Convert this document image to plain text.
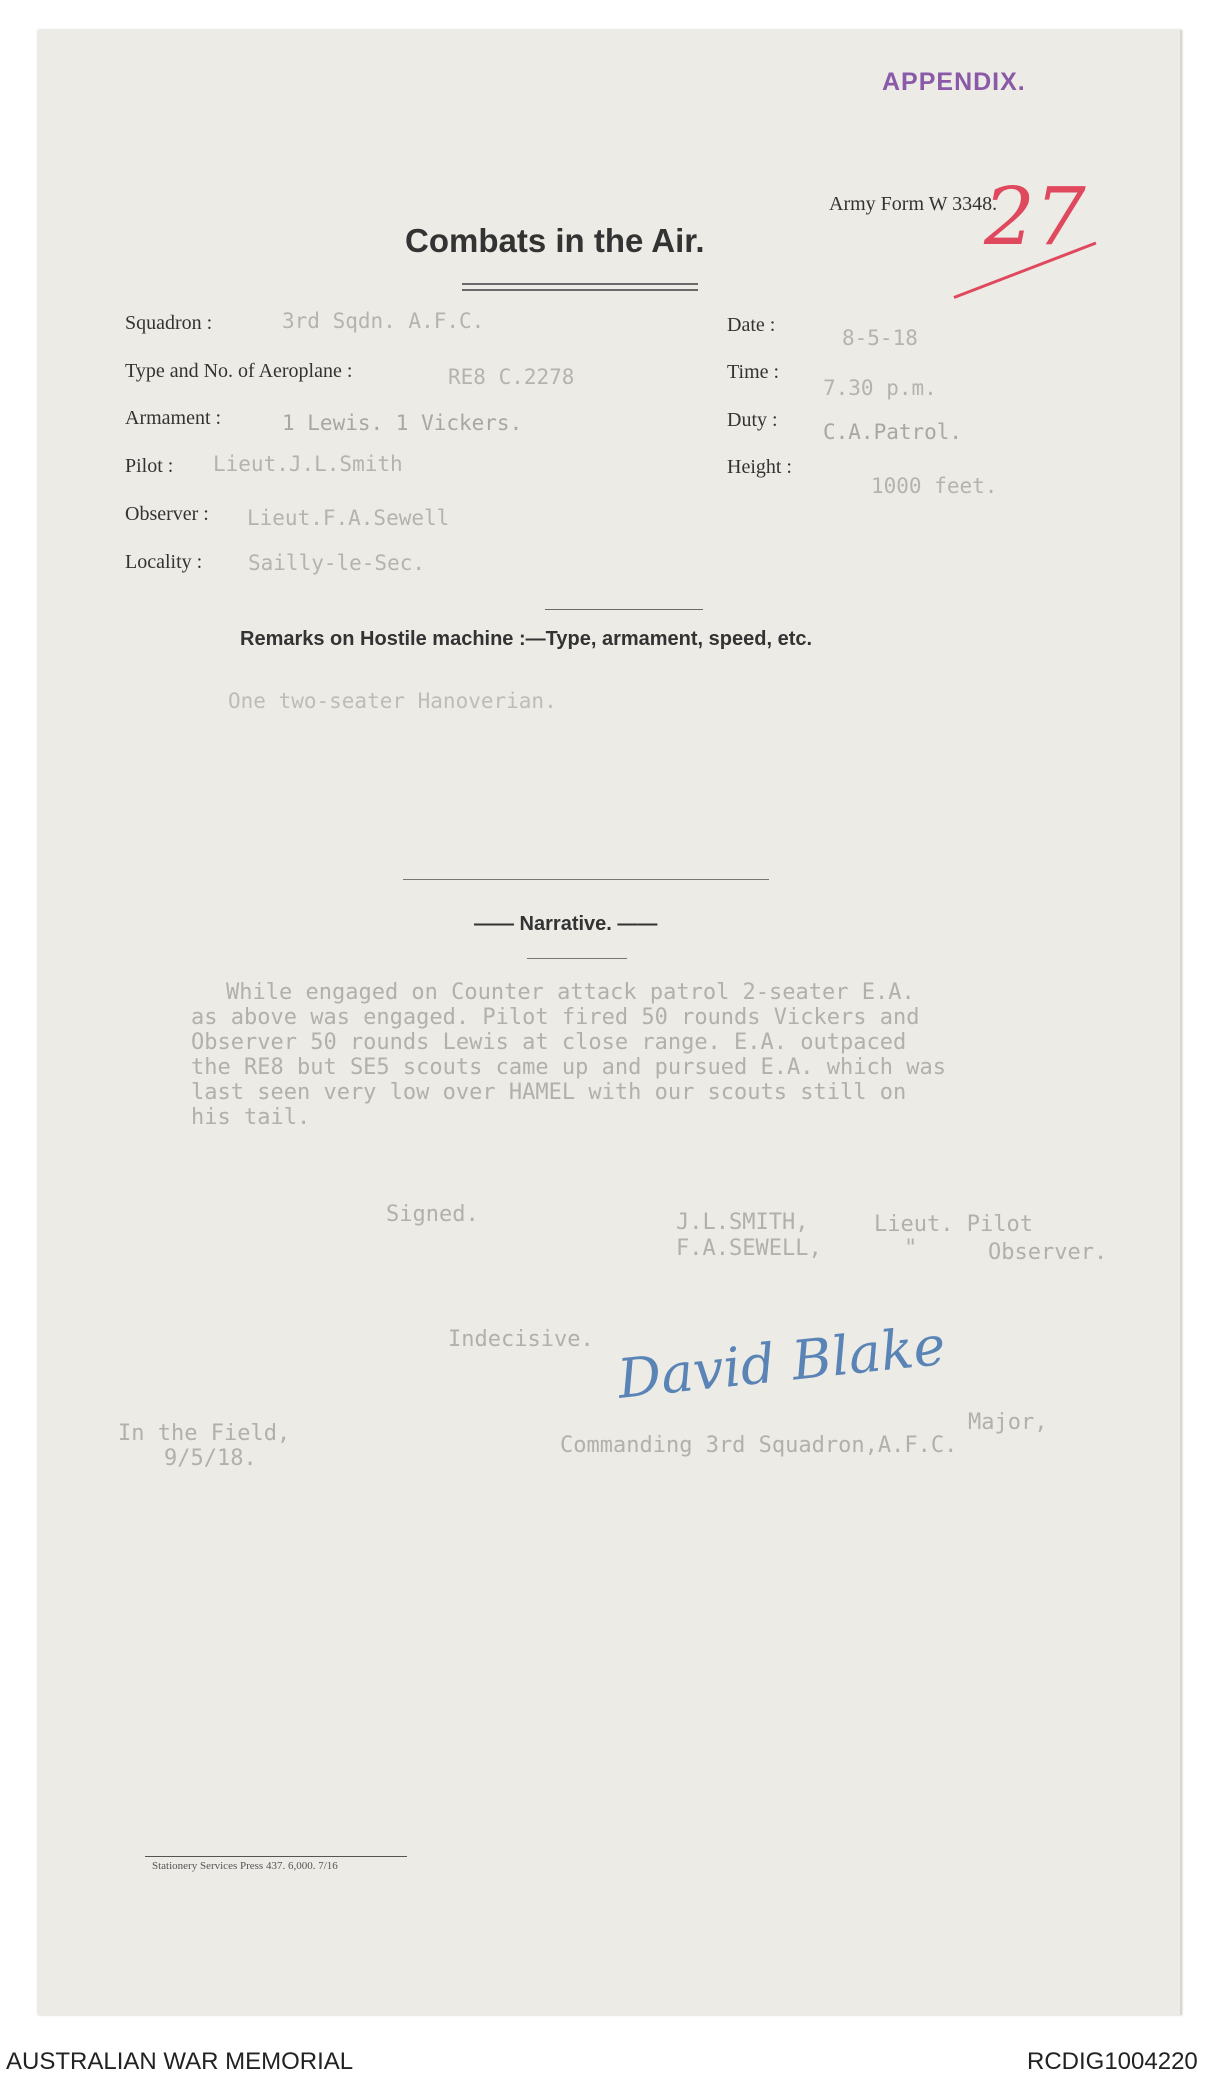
APPENDIX.
Army Form W 3348.
27
Combats in the Air.
Squadron :	3rd Sqdn. A.F.C.
Type and No. of Aeroplane :	RE8 C.2278
Armament :	1 Lewis. 1 Vickers.
Pilot : Lieut.J.L.Smith
Observer : Lieut.F.A.Sewell
Locality : Sailly-le-Sec.
Date :
8-5-18
Time :
7.30 p.m.
Duty : C.A.Patrol.
Height :
1000 feet.
Remarks on Hostile machine :—Type, armament, speed, etc.
One two-seater Hanoverian.
—— Narrative. ——
While engaged on Counter attack patrol 2-seater E.A.
as above was engaged. Pilot fired 50 rounds Vickers and
Observer 50 rounds Lewis at close range. E.A. outpaced
the RE8 but SE5 scouts came up and pursued E.A. which was
last seen very low over HAMEL with our scouts still on
his tail.
Signed.	J.L.SMITH,	Lieut. Pilot
F.A.SEWELL,	"	Observer.
Indecisive. David Blake
In the Field,
9/5/18.
Major,
Commanding 3rd Squadron,A.F.C.
Stationery Services Press 437. 6,000. 7/16
AUSTRALIAN WAR MEMORIAL	RCDIG1004220
